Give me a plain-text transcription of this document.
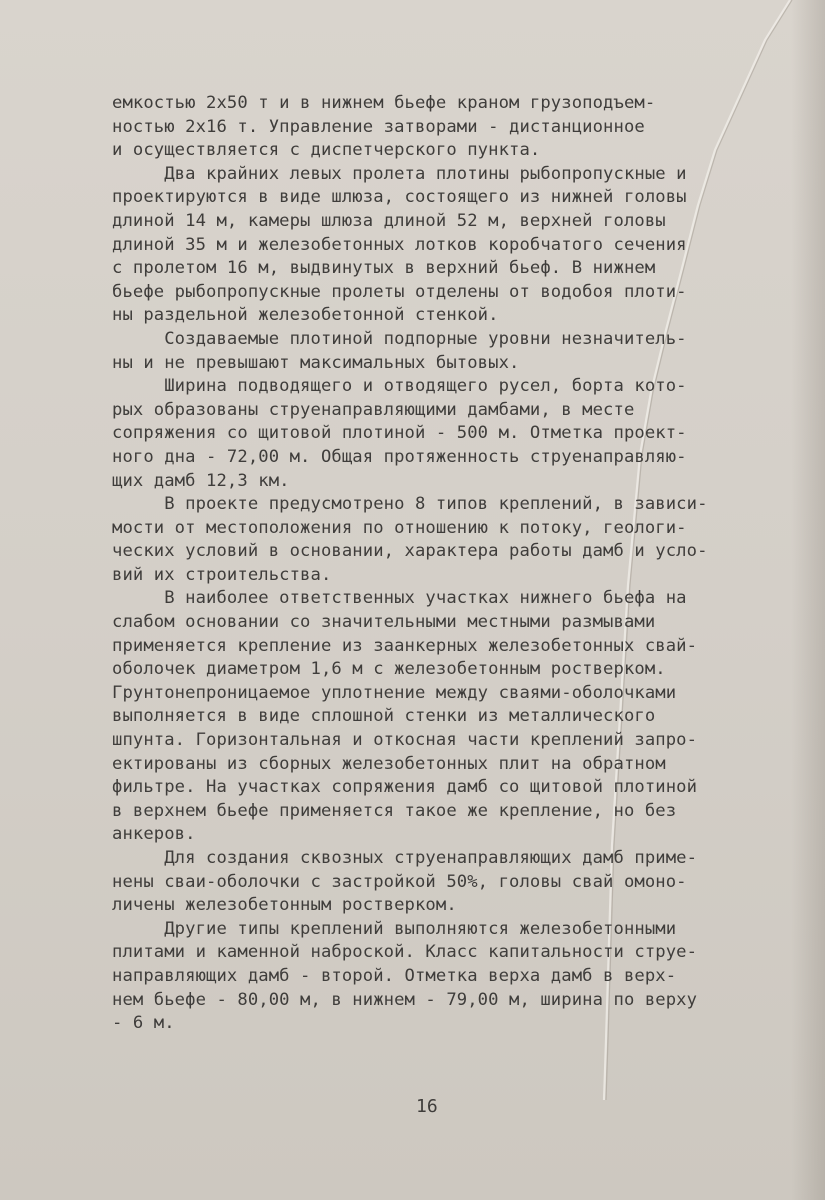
емкостью 2х50 т и в нижнем бьефе краном грузоподъем-
ностью 2х16 т. Управление затворами - дистанционное
и осуществляется с диспетчерского пункта.

Два крайних левых пролета плотины рыбопропускные и
проектируются в виде шлюза, состоящего из нижней головы
длиной 14 м, камеры шлюза длиной 52 м, верхней головы
длиной 35 м и железобетонных лотков коробчатого сечения
с пролетом 16 м, выдвинутых в верхний бьеф. В нижнем
бьефе рыбопропускные пролеты отделены от водобоя плоти-
ны раздельной железобетонной стенкой.

Создаваемые плотиной подпорные уровни незначитель-
ны и не превышают максимальных бытовых.

Ширина подводящего и отводящего русел, борта кото-
рых образованы струенаправляющими дамбами, в месте
сопряжения со щитовой плотиной - 500 м. Отметка проект-
ного дна - 72,00 м. Общая протяженность струенаправляю-
щих дамб 12,3 км.

В проекте предусмотрено 8 типов креплений, в зависи-
мости от местоположения по отношению к потоку, геологи-
ческих условий в основании, характера работы дамб и усло-
вий их строительства.

В наиболее ответственных участках нижнего бьефа на
слабом основании со значительными местными размывами
применяется крепление из заанкерных железобетонных свай-
оболочек диаметром 1,6 м с железобетонным ростверком.
Грунтонепроницаемое уплотнение между сваями-оболочками
выполняется в виде сплошной стенки из металлического
шпунта. Горизонтальная и откосная части креплений запро-
ектированы из сборных железобетонных плит на обратном
фильтре. На участках сопряжения дамб со щитовой плотиной
в верхнем бьефе применяется такое же крепление, но без
анкеров.

Для создания сквозных струенаправляющих дамб приме-
нены сваи-оболочки с застройкой 50%, головы свай омоно-
личены железобетонным ростверком.

Другие типы креплений выполняются железобетонными
плитами и каменной наброской. Класс капитальности струе-
направляющих дамб - второй. Отметка верха дамб в верх-
нем бьефе - 80,00 м, в нижнем - 79,00 м, ширина по верху
- 6 м.

16
